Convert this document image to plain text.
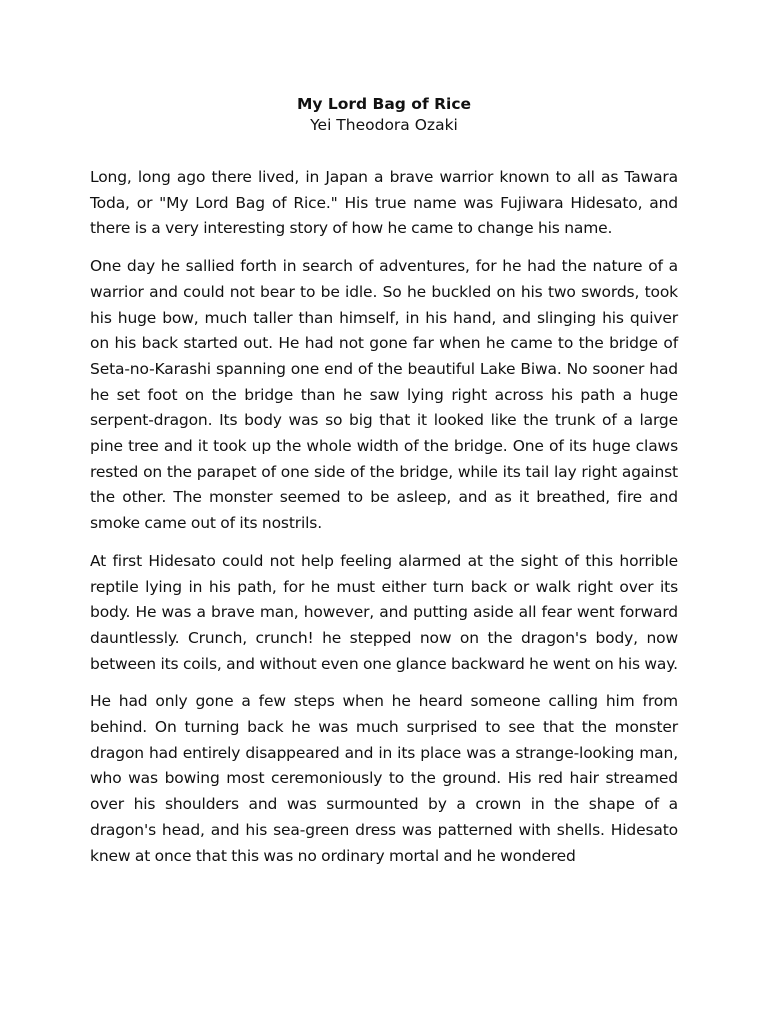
My Lord Bag of Rice

Yei Theodora Ozaki

Long, long ago there lived, in Japan a brave warrior known to all as Tawara Toda, or "My Lord Bag of Rice." His true name was Fujiwara Hidesato, and there is a very interesting story of how he came to change his name.

One day he sallied forth in search of adventures, for he had the nature of a warrior and could not bear to be idle. So he buckled on his two swords, took his huge bow, much taller than himself, in his hand, and slinging his quiver on his back started out. He had not gone far when he came to the bridge of Seta-no-Karashi spanning one end of the beautiful Lake Biwa. No sooner had he set foot on the bridge than he saw lying right across his path a huge serpent-dragon. Its body was so big that it looked like the trunk of a large pine tree and it took up the whole width of the bridge. One of its huge claws rested on the parapet of one side of the bridge, while its tail lay right against the other. The monster seemed to be asleep, and as it breathed, fire and smoke came out of its nostrils.

At first Hidesato could not help feeling alarmed at the sight of this horrible reptile lying in his path, for he must either turn back or walk right over its body. He was a brave man, however, and putting aside all fear went forward dauntlessly. Crunch, crunch! he stepped now on the dragon's body, now between its coils, and without even one glance backward he went on his way.

He had only gone a few steps when he heard someone calling him from behind. On turning back he was much surprised to see that the monster dragon had entirely disappeared and in its place was a strange-looking man, who was bowing most ceremoniously to the ground. His red hair streamed over his shoulders and was surmounted by a crown in the shape of a dragon's head, and his sea-green dress was patterned with shells. Hidesato knew at once that this was no ordinary mortal and he wondered
